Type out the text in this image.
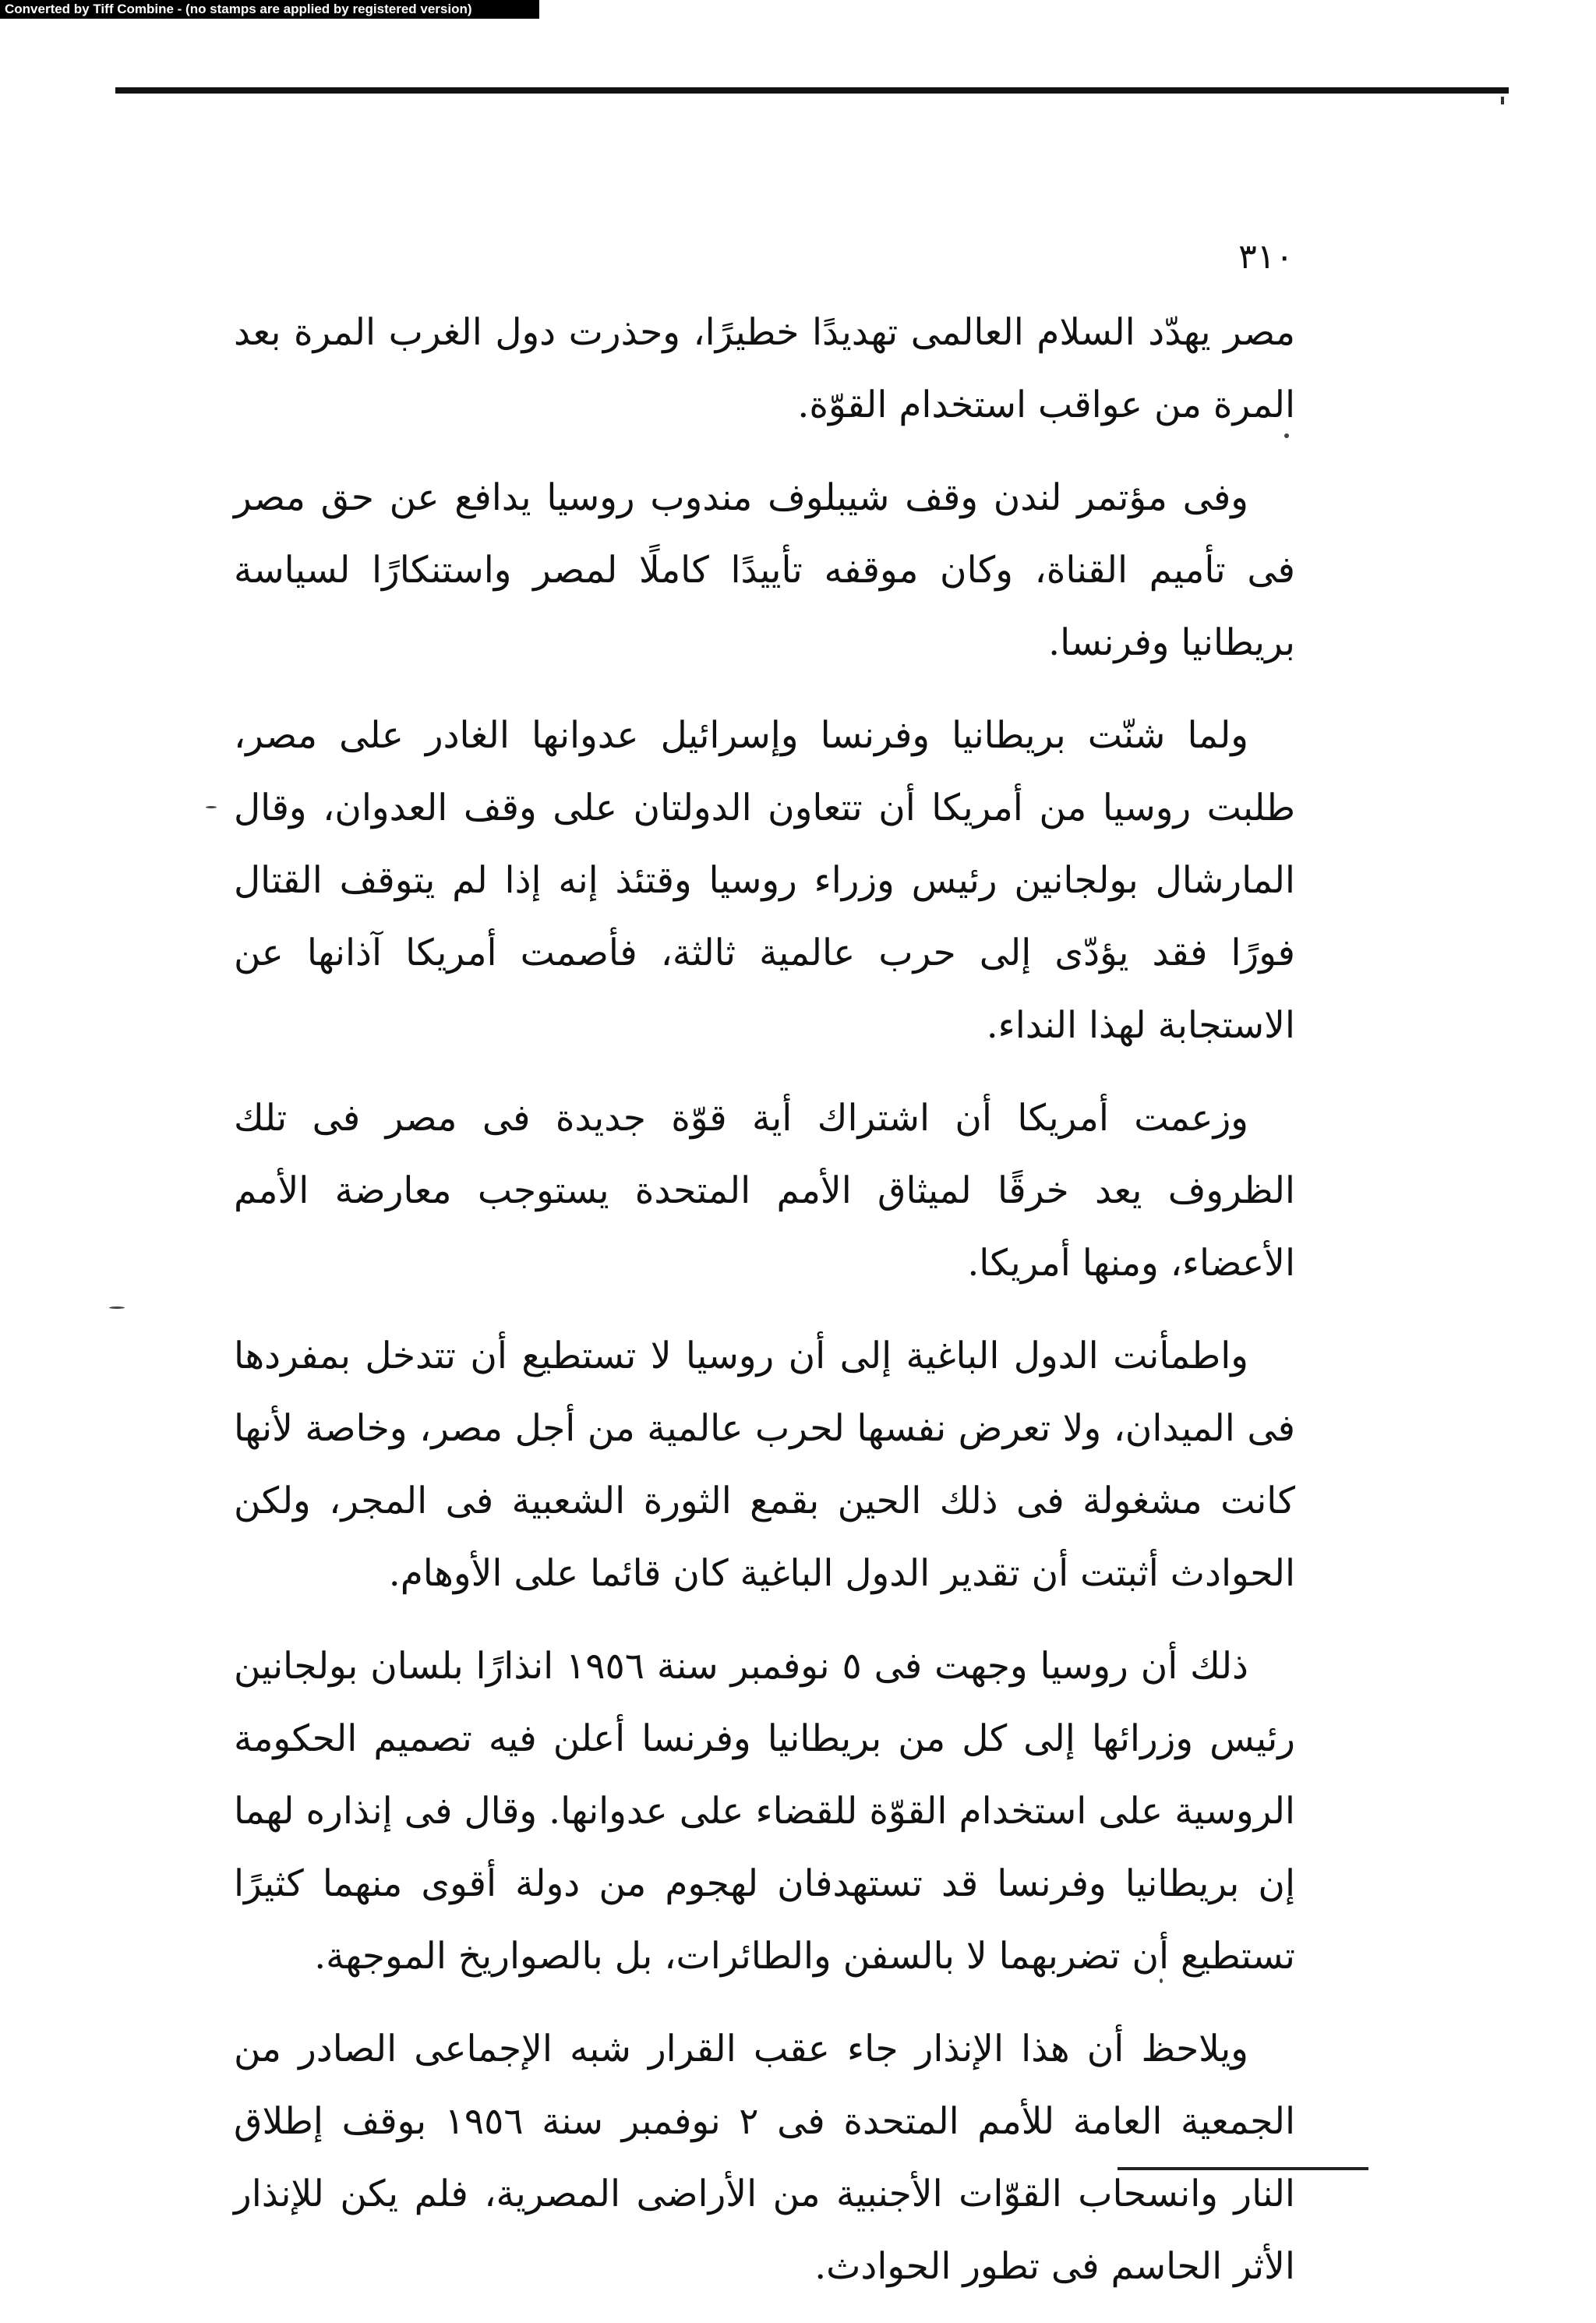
Converted by Tiff Combine - (no stamps are applied by registered version)
٣١٠

مصر يهدّد السلام العالمى تهديدًا خطيرًا، وحذرت دول الغرب المرة بعد المرة من عواقب استخدام القوّة.

وفى مؤتمر لندن وقف شيبلوف مندوب روسيا يدافع عن حق مصر فى تأميم القناة، وكان موقفه تأييدًا كاملًا لمصر واستنكارًا لسياسة بريطانيا وفرنسا.

ولما شنّت بريطانيا وفرنسا وإسرائيل عدوانها الغادر على مصر، طلبت روسيا من أمريكا أن تتعاون الدولتان على وقف العدوان، وقال المارشال بولجانين رئيس وزراء روسيا وقتئذ إنه إذا لم يتوقف القتال فورًا فقد يؤدّى إلى حرب عالمية ثالثة، فأصمت أمريكا آذانها عن الاستجابة لهذا النداء.

وزعمت أمريكا أن اشتراك أية قوّة جديدة فى مصر فى تلك الظروف يعد خرقًا لميثاق الأمم المتحدة يستوجب معارضة الأمم الأعضاء، ومنها أمريكا.

واطمأنت الدول الباغية إلى أن روسيا لا تستطيع أن تتدخل بمفردها فى الميدان، ولا تعرض نفسها لحرب عالمية من أجل مصر، وخاصة لأنها كانت مشغولة فى ذلك الحين بقمع الثورة الشعبية فى المجر، ولكن الحوادث أثبتت أن تقدير الدول الباغية كان قائما على الأوهام.

ذلك أن روسيا وجهت فى ٥ نوفمبر سنة ١٩٥٦ انذارًا بلسان بولجانين رئيس وزرائها إلى كل من بريطانيا وفرنسا أعلن فيه تصميم الحكومة الروسية على استخدام القوّة للقضاء على عدوانها. وقال فى إنذاره لهما إن بريطانيا وفرنسا قد تستهدفان لهجوم من دولة أقوى منهما كثيرًا تستطيع أن تضربهما لا بالسفن والطائرات، بل بالصواريخ الموجهة.

ويلاحظ أن هذا الإنذار جاء عقب القرار شبه الإجماعى الصادر من الجمعية العامة للأمم المتحدة فى ٢ نوفمبر سنة ١٩٥٦ بوقف إطلاق النار وانسحاب القوّات الأجنبية من الأراضى المصرية، فلم يكن للإنذار الأثر الحاسم فى تطور الحوادث.
